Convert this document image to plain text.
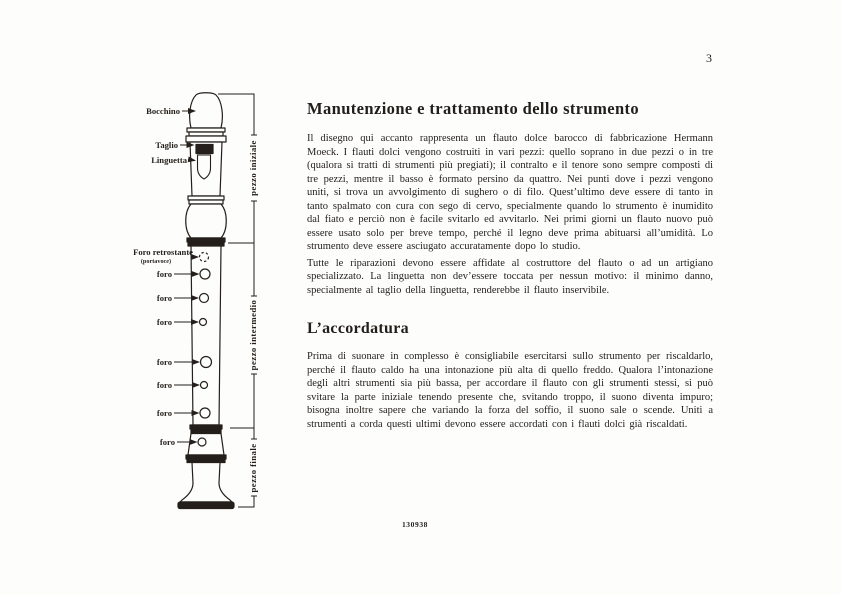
3
Bocchino
Taglio
Linguetta
Foro retrostante
(portavoce)
foro
foro
foro
foro
foro
foro
foro
pezzo iniziale
pezzo intermedio
pezzo finale
Manutenzione e trattamento dello strumento

Il disegno qui accanto rappresenta un flauto dolce barocco di fabbricazione Hermann Moeck. I flauti dolci vengono costruiti in vari pezzi: quello soprano in due pezzi o in tre (qualora si tratti di strumenti più pregiati); il contralto e il tenore sono sempre composti di tre pezzi, mentre il basso è formato persino da quattro. Nei punti dove i pezzi vengono uniti, si trova un avvolgimento di sughero o di filo. Quest’ultimo deve essere di tanto in tanto spalmato con cura con sego di cervo, specialmente quando lo strumento è inumidito dal fiato e perciò non è facile svitarlo ed avvitarlo. Nei primi giorni un flauto nuovo può essere usato solo per breve tempo, perché il legno deve prima abituarsi all’umidità. Lo strumento deve essere asciugato accuratamente dopo lo studio.

Tutte le riparazioni devono essere affidate al costruttore del flauto o ad un artigiano specializzato. La linguetta non dev’essere toccata per nessun motivo: il minimo danno, specialmente al taglio della linguetta, renderebbe il flauto inservibile.

L’accordatura

Prima di suonare in complesso è consigliabile esercitarsi sullo strumento per riscaldarlo, perché il flauto caldo ha una intonazione più alta di quello freddo. Qualora l’intonazione degli altri strumenti sia più bassa, per accordare il flauto con gli strumenti stessi, si può svitare la parte iniziale tenendo presente che, svitando troppo, il suono diventa impuro; bisogna inoltre sapere che variando la forza del soffio, il suono sale o scende. Uniti a strumenti a corda questi ultimi devono essere accordati con i flauti dolci già riscaldati.

130938
